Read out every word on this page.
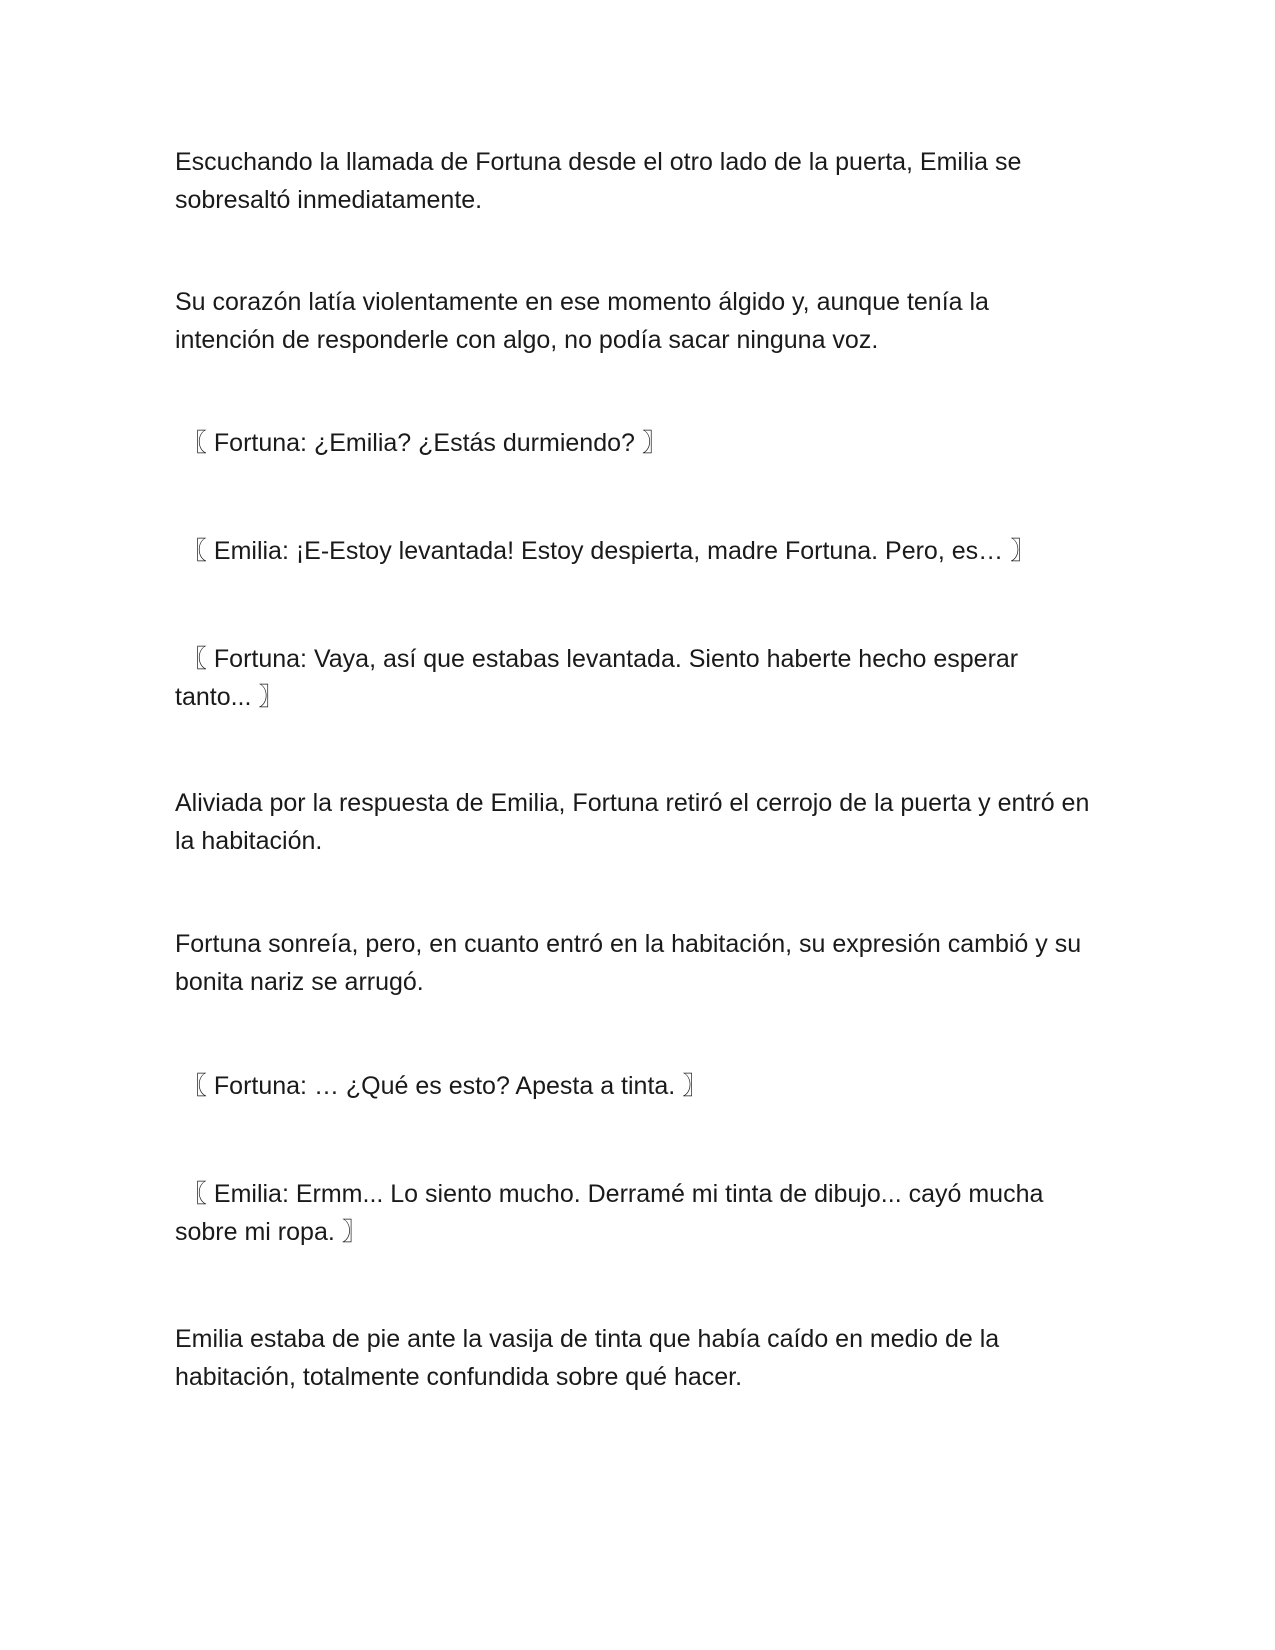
Escuchando la llamada de Fortuna desde el otro lado de la puerta, Emilia se sobresaltó inmediatamente.

Su corazón latía violentamente en ese momento álgido y, aunque tenía la intención de responderle con algo, no podía sacar ninguna voz.

〖 Fortuna: ¿Emilia? ¿Estás durmiendo? 〗

〖 Emilia: ¡E-Estoy levantada! Estoy despierta, madre Fortuna. Pero, es… 〗

〖 Fortuna: Vaya, así que estabas levantada. Siento haberte hecho esperar tanto... 〗

Aliviada por la respuesta de Emilia, Fortuna retiró el cerrojo de la puerta y entró en la habitación.

Fortuna sonreía, pero, en cuanto entró en la habitación, su expresión cambió y su bonita nariz se arrugó.

〖 Fortuna: … ¿Qué es esto? Apesta a tinta. 〗

〖 Emilia: Ermm... Lo siento mucho. Derramé mi tinta de dibujo... cayó mucha sobre mi ropa. 〗

Emilia estaba de pie ante la vasija de tinta que había caído en medio de la habitación, totalmente confundida sobre qué hacer.
